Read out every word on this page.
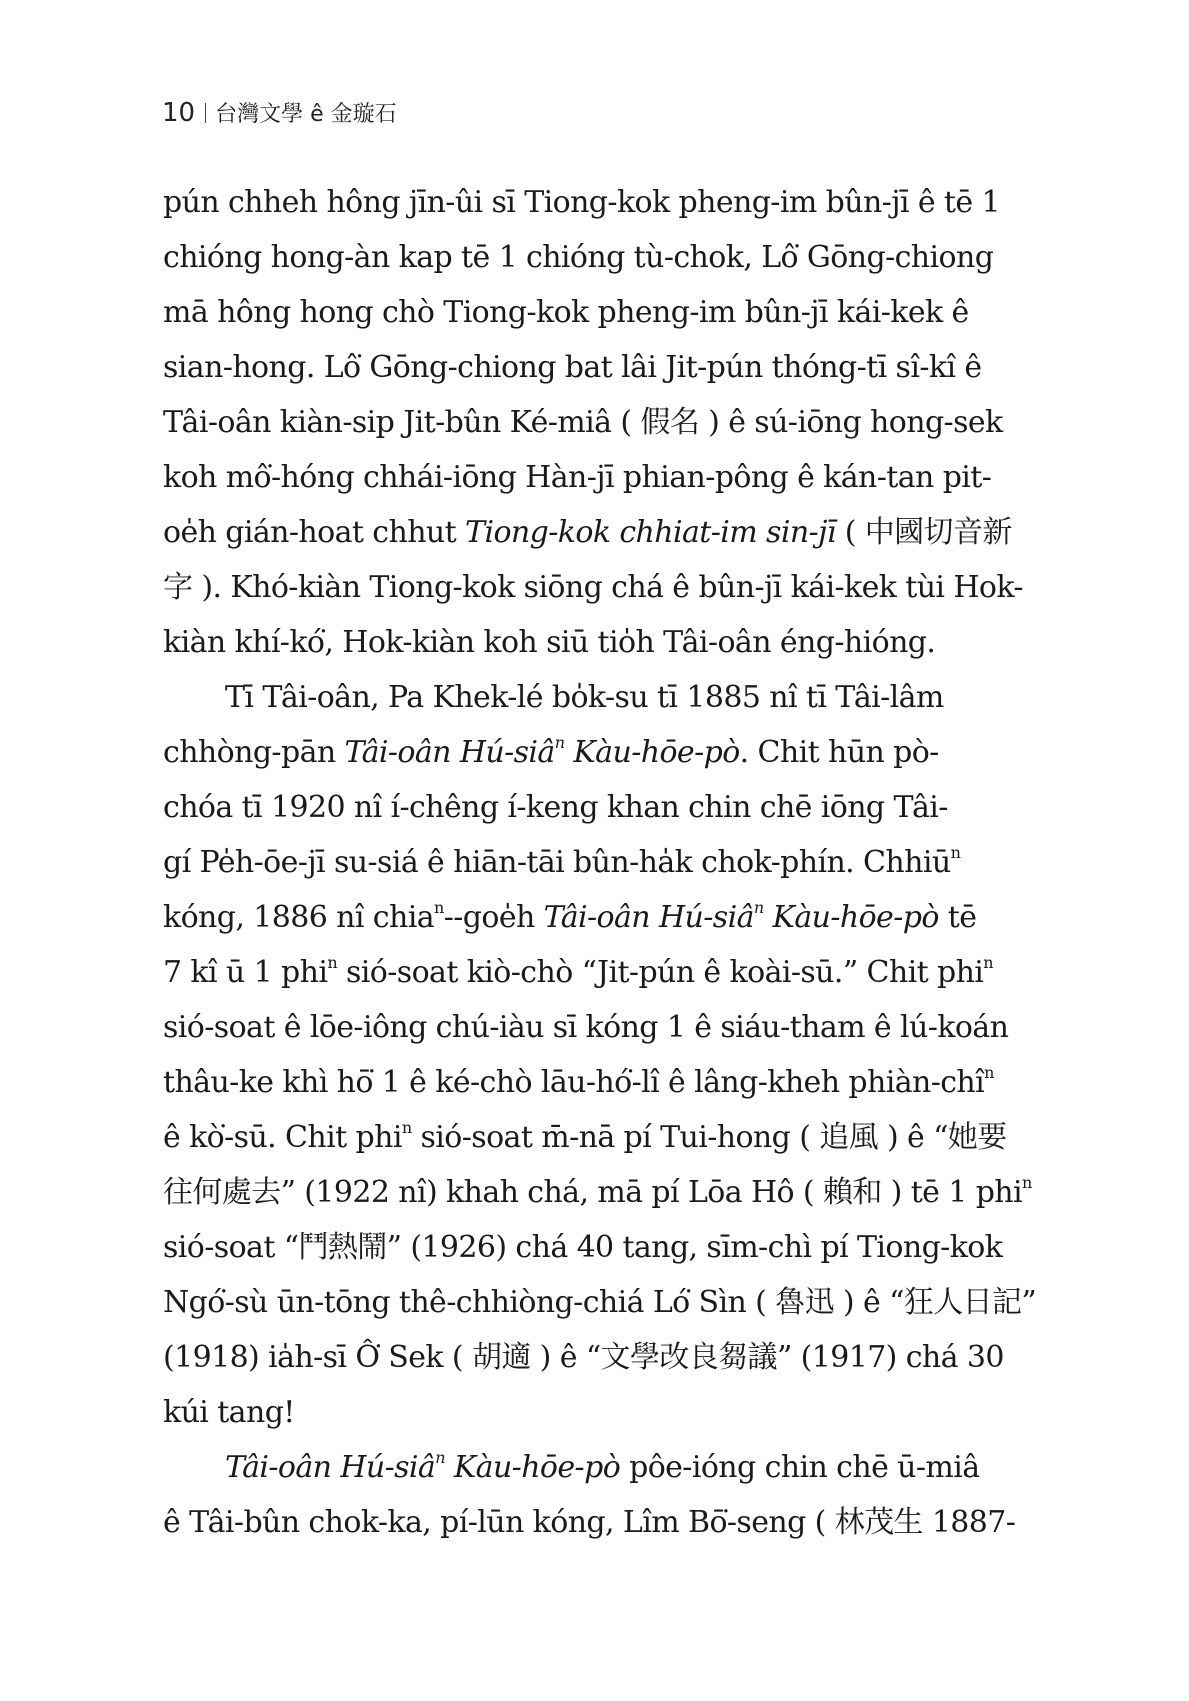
10 台灣文學 ê 金璇石
pún chheh hông jīn-ûi sī Tiong-kok pheng-im bûn-jī ê tē 1
chióng hong-àn kap tē 1 chióng tù-chok, Lô͘ Gōng-chiong
mā hông hong chò Tiong-kok pheng-im bûn-jī kái-kek ê
sian-hong. Lô͘ Gōng-chiong bat lâi Jit-pún thóng-tī sî-kî ê
Tâi-oân kiàn-sip Jit-bûn Ké-miâ ( 假名 ) ê sú-iōng hong-sek
koh mô͘-hóng chhái-iōng Hàn-jī phian-pông ê kán-tan pit-
oe̍h gián-hoat chhut Tiong-kok chhiat-im sin-jī ( 中國切音新
字 ). Khó-kiàn Tiong-kok siōng chá ê bûn-jī kái-kek tùi Hok-
kiàn khí-kó͘, Hok-kiàn koh siū tio̍h Tâi-oân éng-hióng.
Tī Tâi-oân, Pa Khek-lé bo̍k-su tī 1885 nî tī Tâi-lâm
chhòng-pān Tâi-oân Hú-siâ$^n$ Kàu-hōe-pò. Chit hūn pò-
chóa tī 1920 nî í-chêng í-keng khan chin chē iōng Tâi-
gí Pe̍h-ōe-jī su-siá ê hiān-tāi bûn-ha̍k chok-phín. Chhiū$^n$
kóng, 1886 nî chia$^n$--goe̍h Tâi-oân Hú-siâ$^n$ Kàu-hōe-pò tē
7 kî ū 1 phi$^n$ sió-soat kiò-chò “Jit-pún ê koài-sū.” Chit phi$^n$
sió-soat ê lōe-iông chú-iàu sī kóng 1 ê siáu-tham ê lú-koán
thâu-ke khì hō͘ 1 ê ké-chò lāu-hó͘-lî ê lâng-kheh phiàn-chî$^n$
ê kò͘-sū. Chit phi$^n$ sió-soat m̄-nā pí Tui-hong ( 追風 ) ê “她要
往何處去” (1922 nî) khah chá, mā pí Lōa Hô ( 賴和 ) tē 1 phi$^n$
sió-soat “鬥熱鬧” (1926) chá 40 tang, sīm-chì pí Tiong-kok
Ngó͘-sù ūn-tōng thê-chhiòng-chiá Ló͘ Sìn ( 魯迅 ) ê “狂人日記”
(1918) ia̍h-sī Ô͘ Sek ( 胡適 ) ê “文學改良芻議” (1917) chá 30
kúi tang!
Tâi-oân Hú-siâ$^n$ Kàu-hōe-pò pôe-ióng chin chē ū-miâ
ê Tâi-bûn chok-ka, pí-lūn kóng, Lîm Bō͘-seng ( 林茂生 1887-
